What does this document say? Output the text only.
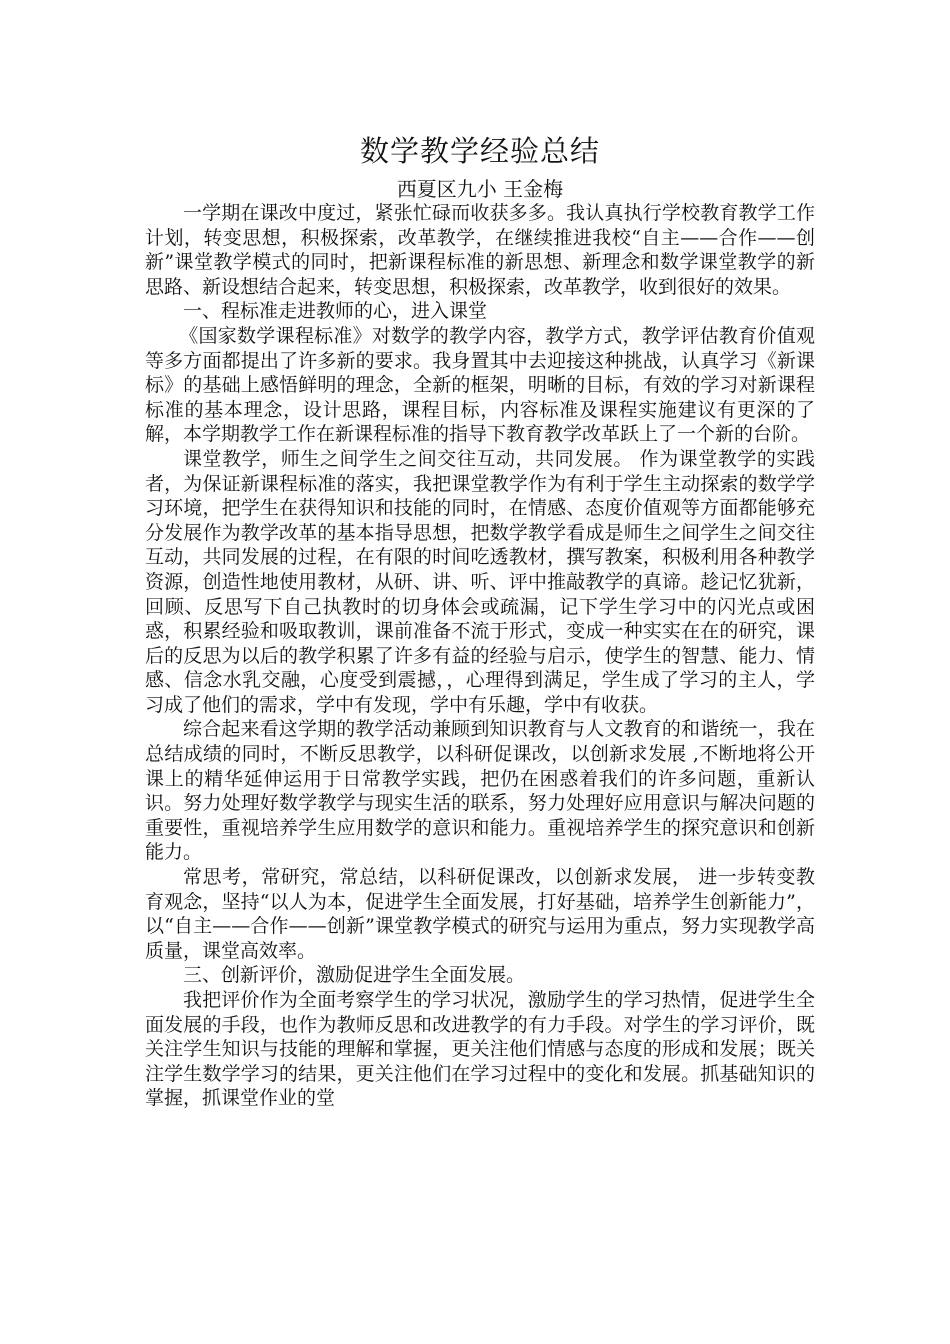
数学教学经验总结
西夏区九小 王金梅

一学期在课改中度过，紧张忙碌而收获多多。我认真执行学校教育教学工作计划，转变思想，积极探索，改革教学，在继续推进我校“自主——合作——创新”课堂教学模式的同时，把新课程标准的新思想、新理念和数学课堂教学的新思路、新设想结合起来，转变思想，积极探索，改革教学，收到很好的效果。

一、程标准走进教师的心，进入课堂

《国家数学课程标准》对数学的教学内容，教学方式，教学评估教育价值观等多方面都提出了许多新的要求。我身置其中去迎接这种挑战，认真学习《新课标》的基础上感悟鲜明的理念，全新的框架，明晰的目标，有效的学习对新课程标准的基本理念，设计思路，课程目标，内容标准及课程实施建议有更深的了解，本学期教学工作在新课程标准的指导下教育教学改革跃上了一个新的台阶。

课堂教学，师生之间学生之间交往互动，共同发展。 作为课堂教学的实践者，为保证新课程标准的落实，我把课堂教学作为有利于学生主动探索的数学学习环境，把学生在获得知识和技能的同时，在情感、态度价值观等方面都能够充分发展作为教学改革的基本指导思想，把数学教学看成是师生之间学生之间交往互动，共同发展的过程，在有限的时间吃透教材，撰写教案，积极利用各种教学资源，创造性地使用教材，从研、讲、听、评中推敲教学的真谛。趁记忆犹新，回顾、反思写下自己执教时的切身体会或疏漏，记下学生学习中的闪光点或困惑，积累经验和吸取教训，课前准备不流于形式，变成一种实实在在的研究，课后的反思为以后的教学积累了许多有益的经验与启示，使学生的智慧、能力、情感、信念水乳交融，心度受到震撼，，心理得到满足，学生成了学习的主人，学习成了他们的需求，学中有发现，学中有乐趣，学中有收获。

综合起来看这学期的教学活动兼顾到知识教育与人文教育的和谐统一，我在总结成绩的同时，不断反思教学，以科研促课改，以创新求发展 ,不断地将公开课上的精华延伸运用于日常教学实践，把仍在困惑着我们的许多问题，重新认识。努力处理好数学教学与现实生活的联系，努力处理好应用意识与解决问题的重要性，重视培养学生应用数学的意识和能力。重视培养学生的探究意识和创新能力。

常思考，常研究，常总结，以科研促课改，以创新求发展， 进一步转变教育观念，坚持“以人为本，促进学生全面发展，打好基础，培养学生创新能力”，以“自主——合作——创新”课堂教学模式的研究与运用为重点，努力实现教学高质量，课堂高效率。

三、创新评价，激励促进学生全面发展。

我把评价作为全面考察学生的学习状况，激励学生的学习热情，促进学生全面发展的手段，也作为教师反思和改进教学的有力手段。对学生的学习评价，既关注学生知识与技能的理解和掌握，更关注他们情感与态度的形成和发展；既关注学生数学学习的结果，更关注他们在学习过程中的变化和发展。抓基础知识的掌握，抓课堂作业的堂
